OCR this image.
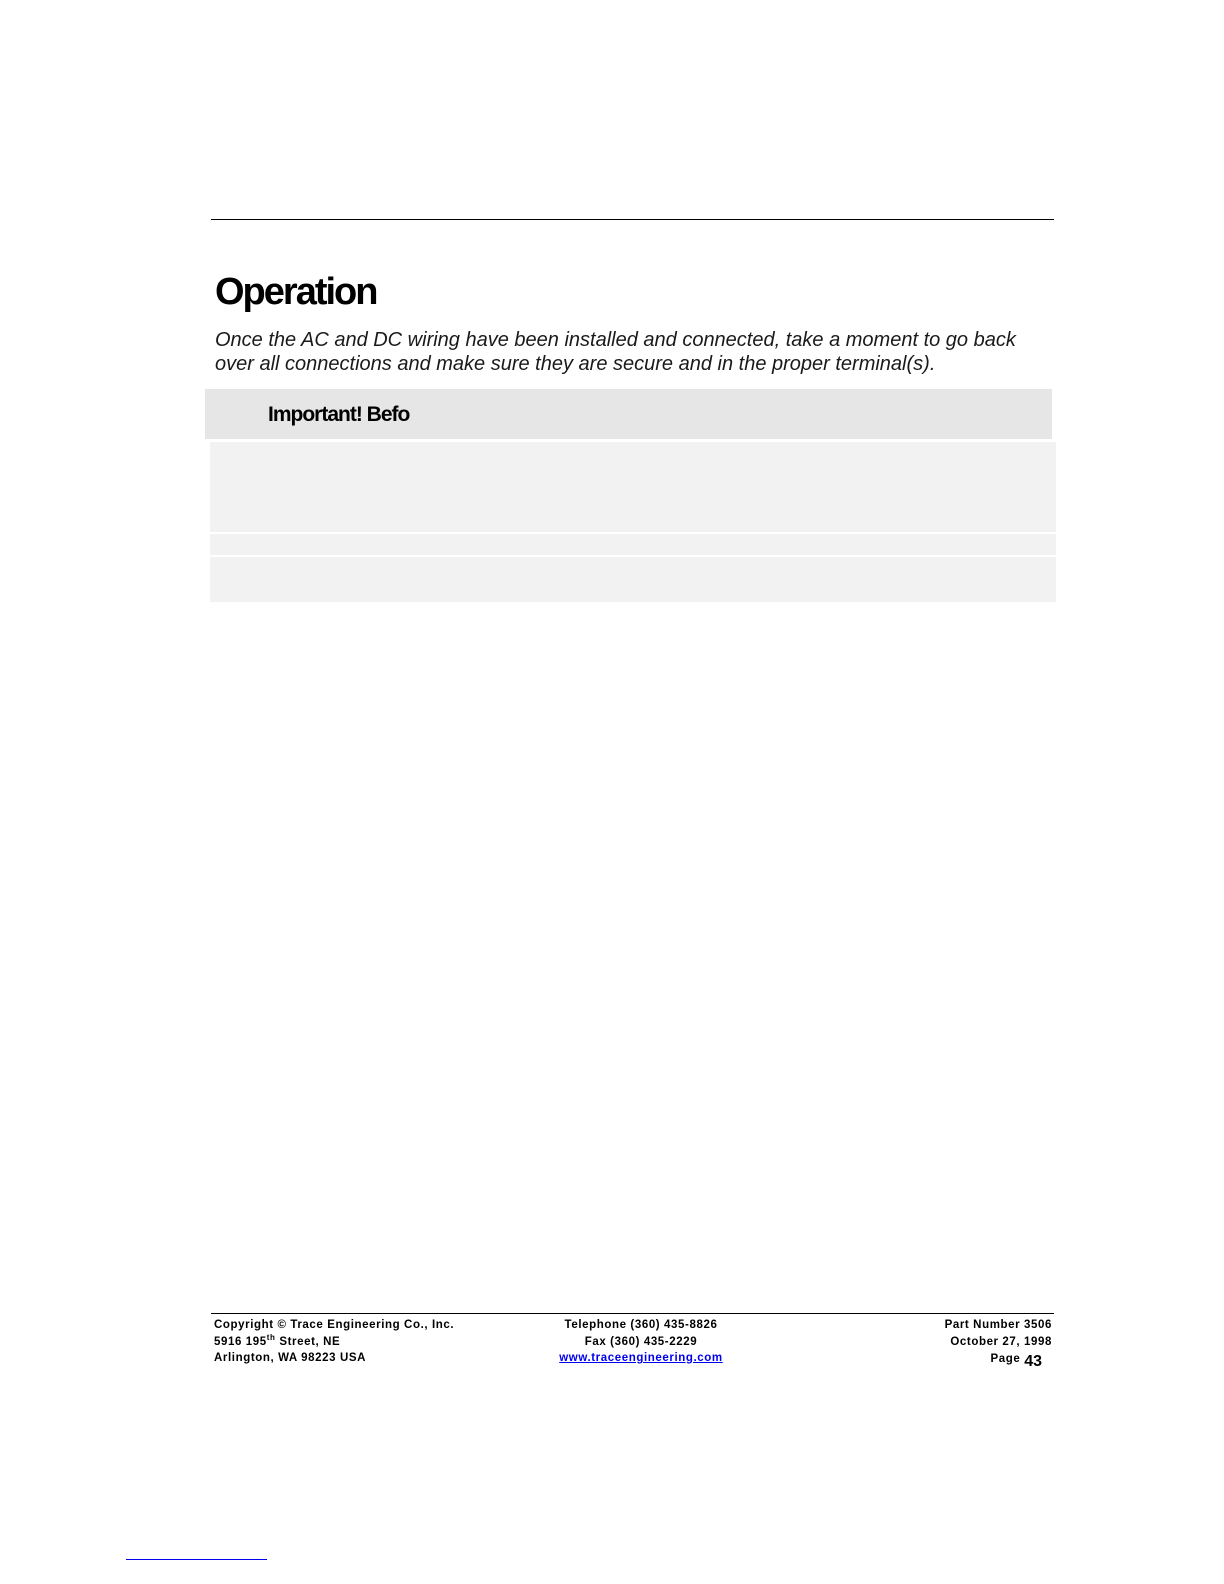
Operation

Once the AC and DC wiring have been installed and connected, take a moment to go back over all connections and make sure they are secure and in the proper terminal(s).

Important! Befo
Copyright © Trace Engineering Co., Inc.
5916 195th Street, NE
Arlington, WA 98223 USA
Telephone (360) 435-8826
Fax (360) 435-2229
www.traceengineering.com
Part Number 3506
October 27, 1998
Page 43
